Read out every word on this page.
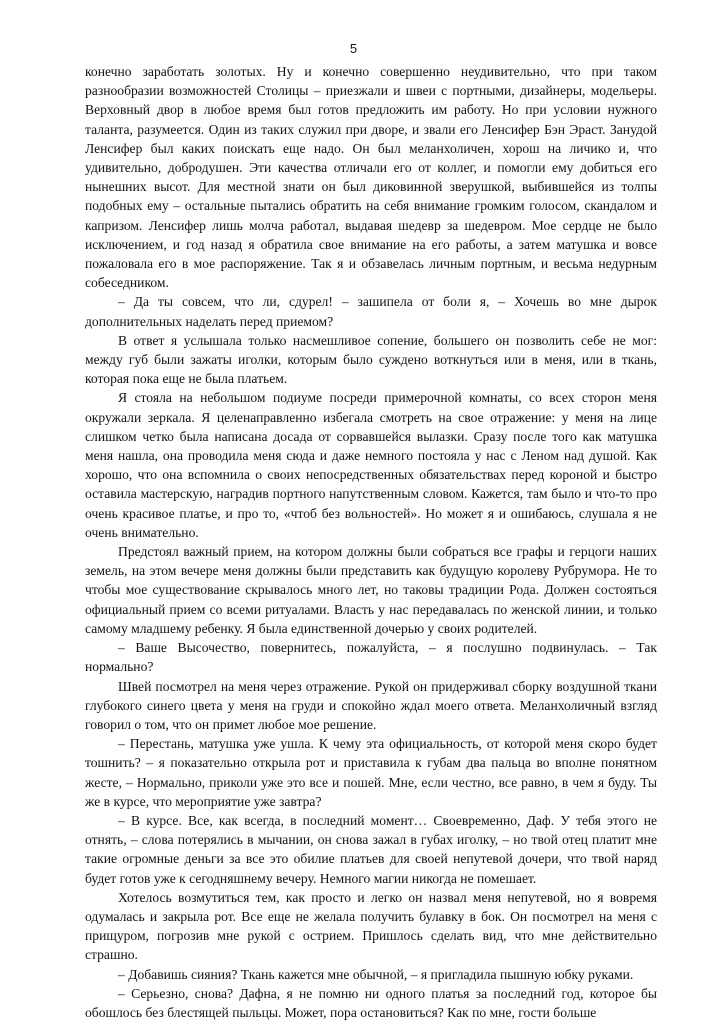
5

конечно заработать золотых. Ну и конечно совершенно неудивительно, что при таком разнообразии возможностей Столицы – приезжали и швеи с портными, дизайнеры, модельеры. Верховный двор в любое время был готов предложить им работу. Но при условии нужного таланта, разумеется. Один из таких служил при дворе, и звали его Ленсифер Бэн Эраст. Занудой Ленсифер был каких поискать еще надо. Он был меланхоличен, хорош на личико и, что удивительно, добродушен. Эти качества отличали его от коллег, и помогли ему добиться его нынешних высот. Для местной знати он был диковинной зверушкой, выбившейся из толпы подобных ему – остальные пытались обратить на себя внимание громким голосом, скандалом и капризом. Ленсифер лишь молча работал, выдавая шедевр за шедевром. Мое сердце не было исключением, и год назад я обратила свое внимание на его работы, а затем матушка и вовсе пожаловала его в мое распоряжение. Так я и обзавелась личным портным, и весьма недурным собеседником.

– Да ты совсем, что ли, сдурел! – зашипела от боли я, – Хочешь во мне дырок дополнительных наделать перед приемом?

В ответ я услышала только насмешливое сопение, большего он позволить себе не мог: между губ были зажаты иголки, которым было суждено воткнуться или в меня, или в ткань, которая пока еще не была платьем.

Я стояла на небольшом подиуме посреди примерочной комнаты, со всех сторон меня окружали зеркала. Я целенаправленно избегала смотреть на свое отражение: у меня на лице слишком четко была написана досада от сорвавшейся вылазки. Сразу после того как матушка меня нашла, она проводила меня сюда и даже немного постояла у нас с Леном над душой. Как хорошо, что она вспомнила о своих непосредственных обязательствах перед короной и быстро оставила мастерскую, наградив портного напутственным словом. Кажется, там было и что-то про очень красивое платье, и про то, «чтоб без вольностей». Но может я и ошибаюсь, слушала я не очень внимательно.

Предстоял важный прием, на котором должны были собраться все графы и герцоги наших земель, на этом вечере меня должны были представить как будущую королеву Рубрумора. Не то чтобы мое существование скрывалось много лет, но таковы традиции Рода. Должен состояться официальный прием со всеми ритуалами. Власть у нас передавалась по женской линии, и только самому младшему ребенку. Я была единственной дочерью у своих родителей.

– Ваше Высочество, повернитесь, пожалуйста, – я послушно подвинулась. – Так нормально?

Швей посмотрел на меня через отражение. Рукой он придерживал сборку воздушной ткани глубокого синего цвета у меня на груди и спокойно ждал моего ответа. Меланхоличный взгляд говорил о том, что он примет любое мое решение.

– Перестань, матушка уже ушла. К чему эта официальность, от которой меня скоро будет тошнить? – я показательно открыла рот и приставила к губам два пальца во вполне понятном жесте, – Нормально, приколи уже это все и пошей. Мне, если честно, все равно, в чем я буду. Ты же в курсе, что мероприятие уже завтра?

– В курсе. Все, как всегда, в последний момент… Своевременно, Даф. У тебя этого не отнять, – слова потерялись в мычании, он снова зажал в губах иголку, – но твой отец платит мне такие огромные деньги за все это обилие платьев для своей непутевой дочери, что твой наряд будет готов уже к сегодняшнему вечеру. Немного магии никогда не помешает.

Хотелось возмутиться тем, как просто и легко он назвал меня непутевой, но я вовремя одумалась и закрыла рот. Все еще не желала получить булавку в бок. Он посмотрел на меня с прищуром, погрозив мне рукой с острием. Пришлось сделать вид, что мне действительно страшно.

– Добавишь сияния? Ткань кажется мне обычной, – я пригладила пышную юбку руками.

– Серьезно, снова? Дафна, я не помню ни одного платья за последний год, которое бы обошлось без блестящей пыльцы. Может, пора остановиться? Как по мне, гости больше
